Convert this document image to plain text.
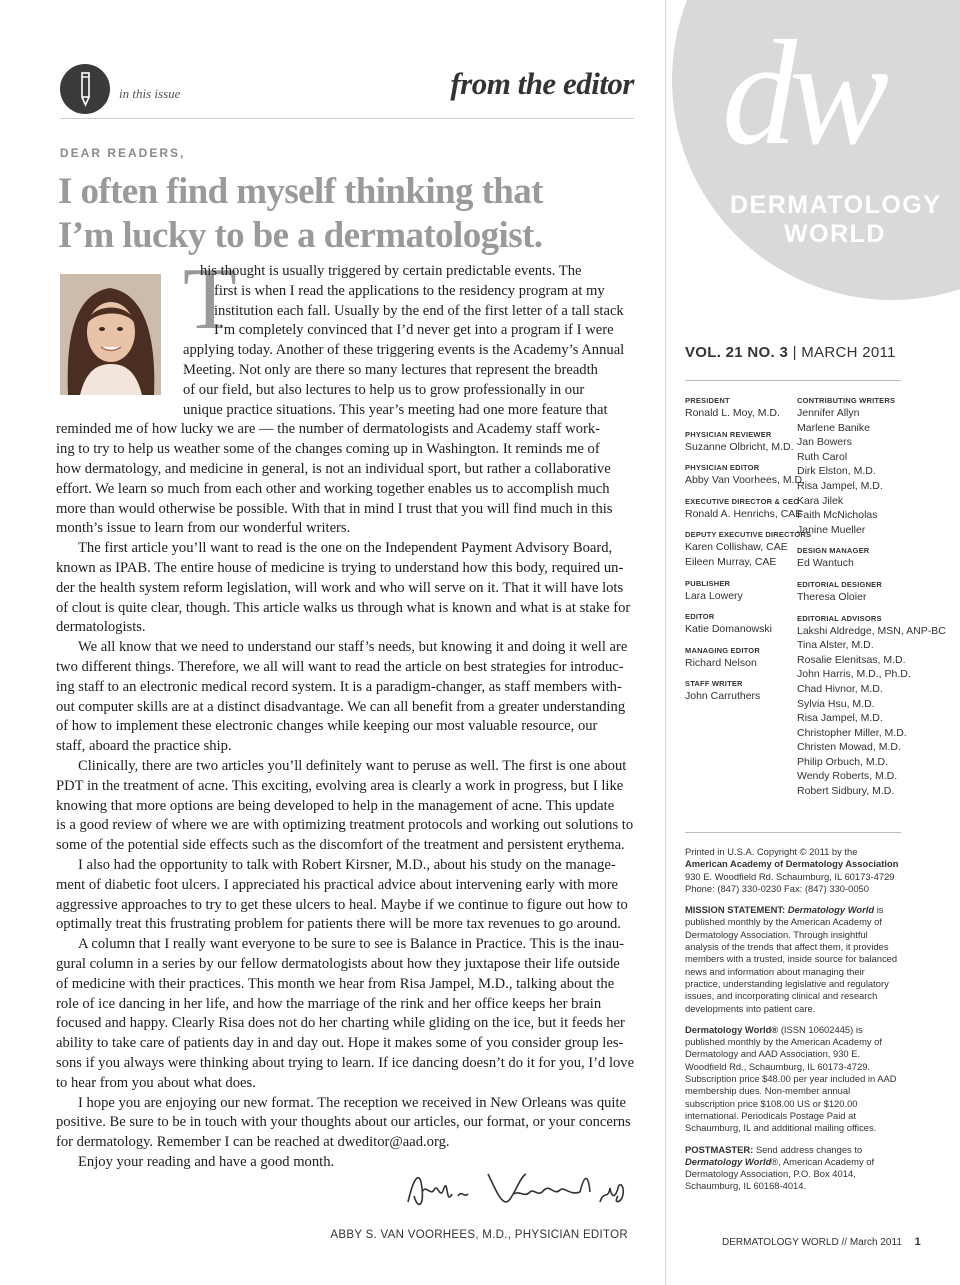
in this issue	from the editor
DEAR READERS,
I often find myself thinking that
I’m lucky to be a dermatologist.
T
his thought is usually triggered by certain predictable events. The
first is when I read the applications to the residency program at my
institution each fall. Usually by the end of the first letter of a tall stack
I’m completely convinced that I’d never get into a program if I were
applying today. Another of these triggering events is the Academy’s Annual
Meeting. Not only are there so many lectures that represent the breadth
of our field, but also lectures to help us to grow professionally in our
unique practice situations. This year’s meeting had one more feature that
reminded me of how lucky we are — the number of dermatologists and Academy staff work-
ing to try to help us weather some of the changes coming up in Washington. It reminds me of
how dermatology, and medicine in general, is not an individual sport, but rather a collaborative
effort. We learn so much from each other and working together enables us to accomplish much
more than would otherwise be possible. With that in mind I trust that you will find much in this
month’s issue to learn from our wonderful writers.
The first article you’ll want to read is the one on the Independent Payment Advisory Board,
known as IPAB. The entire house of medicine is trying to understand how this body, required un-
der the health system reform legislation, will work and who will serve on it. That it will have lots
of clout is quite clear, though. This article walks us through what is known and what is at stake for
dermatologists.
We all know that we need to understand our staff’s needs, but knowing it and doing it well are
two different things. Therefore, we all will want to read the article on best strategies for introduc-
ing staff to an electronic medical record system. It is a paradigm-changer, as staff members with-
out computer skills are at a distinct disadvantage. We can all benefit from a greater understanding
of how to implement these electronic changes while keeping our most valuable resource, our
staff, aboard the practice ship.
Clinically, there are two articles you’ll definitely want to peruse as well. The first is one about
PDT in the treatment of acne. This exciting, evolving area is clearly a work in progress, but I like
knowing that more options are being developed to help in the management of acne. This update
is a good review of where we are with optimizing treatment protocols and working out solutions to
some of the potential side effects such as the discomfort of the treatment and persistent erythema.
I also had the opportunity to talk with Robert Kirsner, M.D., about his study on the manage-
ment of diabetic foot ulcers. I appreciated his practical advice about intervening early with more
aggressive approaches to try to get these ulcers to heal. Maybe if we continue to figure out how to
optimally treat this frustrating problem for patients there will be more tax revenues to go around.
A column that I really want everyone to be sure to see is Balance in Practice. This is the inau-
gural column in a series by our fellow dermatologists about how they juxtapose their life outside
of medicine with their practices. This month we hear from Risa Jampel, M.D., talking about the
role of ice dancing in her life, and how the marriage of the rink and her office keeps her brain
focused and happy. Clearly Risa does not do her charting while gliding on the ice, but it feeds her
ability to take care of patients day in and day out. Hope it makes some of you consider group les-
sons if you always were thinking about trying to learn. If ice dancing doesn’t do it for you, I’d love
to hear from you about what does.
I hope you are enjoying our new format. The reception we received in New Orleans was quite
positive. Be sure to be in touch with your thoughts about our articles, our format, or your concerns
for dermatology. Remember I can be reached at dweditor@aad.org.
Enjoy your reading and have a good month.
ABBY S. VAN VOORHEES, M.D., PHYSICIAN EDITOR
dw
DERMATOLOGY WORLD
VOL. 21 NO. 3 | MARCH 2011
PRESIDENT
Ronald L. Moy, M.D.
PHYSICIAN REVIEWER
Suzanne Olbricht, M.D.
PHYSICIAN EDITOR
Abby Van Voorhees, M.D.
EXECUTIVE DIRECTOR & CEO
Ronald A. Henrichs, CAE
DEPUTY EXECUTIVE DIRECTORS
Karen Collishaw, CAE
Eileen Murray, CAE
PUBLISHER
Lara Lowery
EDITOR
Katie Domanowski
MANAGING EDITOR
Richard Nelson
STAFF WRITER
John Carruthers
CONTRIBUTING WRITERS
Jennifer Allyn
Marlene Banike
Jan Bowers
Ruth Carol
Dirk Elston, M.D.
Risa Jampel, M.D.
Kara Jilek
Faith McNicholas
Janine Mueller
DESIGN MANAGER
Ed Wantuch
EDITORIAL DESIGNER
Theresa Oloier
EDITORIAL ADVISORS
Lakshi Aldredge, MSN, ANP-BC
Tina Alster, M.D.
Rosalie Elenitsas, M.D.
John Harris, M.D., Ph.D.
Chad Hivnor, M.D.
Sylvia Hsu, M.D.
Risa Jampel, M.D.
Christopher Miller, M.D.
Christen Mowad, M.D.
Philip Orbuch, M.D.
Wendy Roberts, M.D.
Robert Sidbury, M.D.

Printed in U.S.A. Copyright © 2011 by the
American Academy of Dermatology Association
930 E. Woodfield Rd. Schaumburg, IL 60173-4729
Phone: (847) 330-0230 Fax: (847) 330-0050

MISSION STATEMENT: Dermatology World is published monthly by the American Academy of Dermatology Association. Through insightful analysis of the trends that affect them, it provides members with a trusted, inside source for balanced news and information about managing their practice, understanding legislative and regulatory issues, and incorporating clinical and research developments into patient care.

Dermatology World® (ISSN 10602445) is published monthly by the American Academy of Dermatology and AAD Association, 930 E. Woodfield Rd., Schaumburg, IL 60173-4729. Subscription price $48.00 per year included in AAD membership dues. Non-member annual subscription price $108.00 US or $120.00 international. Periodicals Postage Paid at Schaumburg, IL and additional mailing offices.

POSTMASTER: Send address changes to Dermatology World®, American Academy of Dermatology Association, P.O. Box 4014, Schaumburg, IL 60168-4014.

DERMATOLOGY WORLD // March 2011 1
